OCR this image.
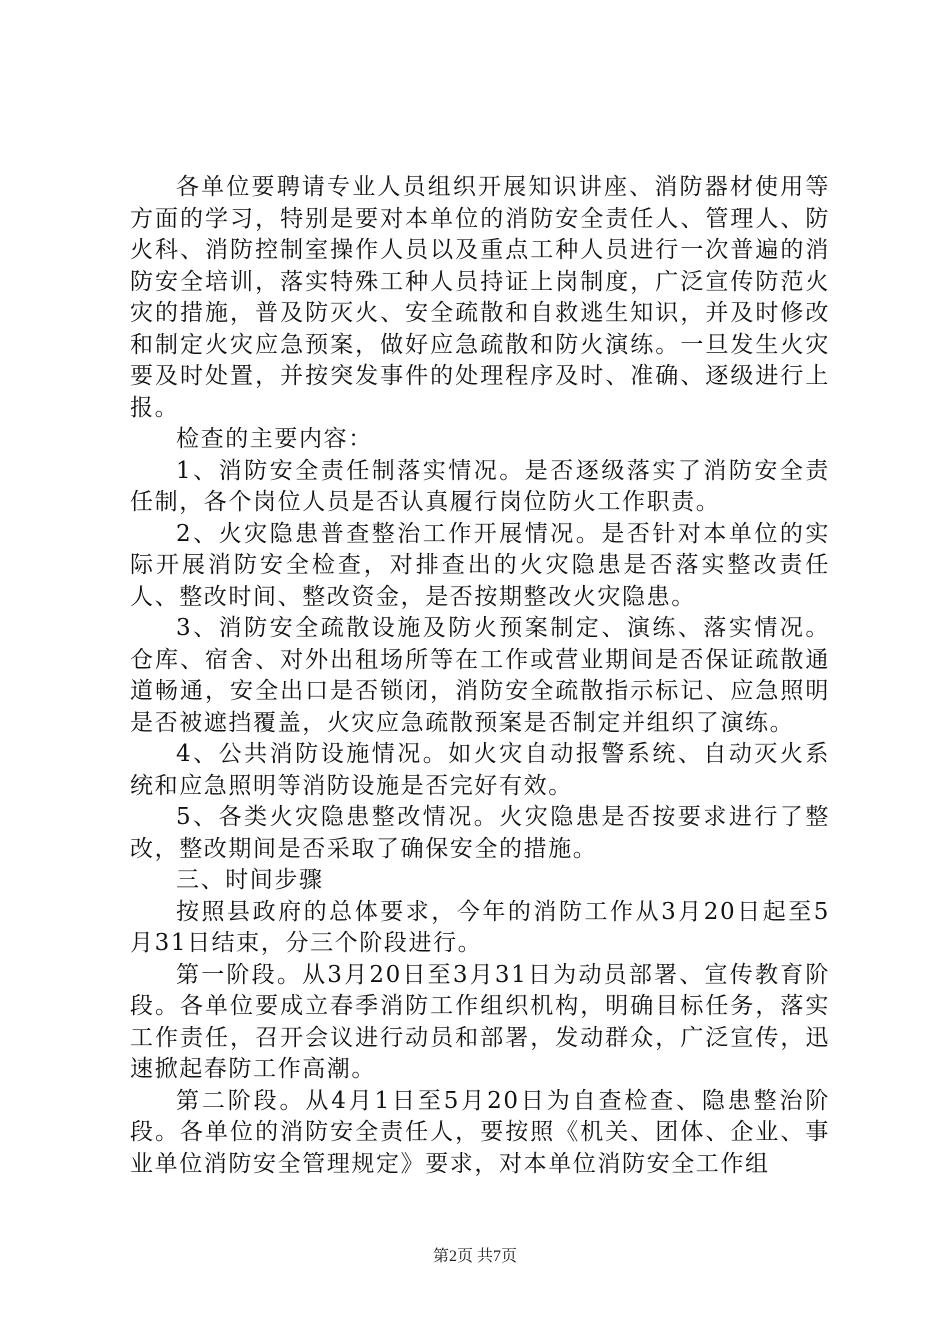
各单位要聘请专业人员组织开展知识讲座、消防器材使用等方面的学习，特别是要对本单位的消防安全责任人、管理人、防火科、消防控制室操作人员以及重点工种人员进行一次普遍的消防安全培训，落实特殊工种人员持证上岗制度，广泛宣传防范火灾的措施，普及防灭火、安全疏散和自救逃生知识，并及时修改和制定火灾应急预案，做好应急疏散和防火演练。一旦发生火灾要及时处置，并按突发事件的处理程序及时、准确、逐级进行上报。

检查的主要内容：

1、消防安全责任制落实情况。是否逐级落实了消防安全责任制，各个岗位人员是否认真履行岗位防火工作职责。

2、火灾隐患普查整治工作开展情况。是否针对本单位的实际开展消防安全检查，对排查出的火灾隐患是否落实整改责任人、整改时间、整改资金，是否按期整改火灾隐患。

3、消防安全疏散设施及防火预案制定、演练、落实情况。仓库、宿舍、对外出租场所等在工作或营业期间是否保证疏散通道畅通，安全出口是否锁闭，消防安全疏散指示标记、应急照明是否被遮挡覆盖，火灾应急疏散预案是否制定并组织了演练。

4、公共消防设施情况。如火灾自动报警系统、自动灭火系统和应急照明等消防设施是否完好有效。

5、各类火灾隐患整改情况。火灾隐患是否按要求进行了整改，整改期间是否采取了确保安全的措施。

三、时间步骤

按照县政府的总体要求，今年的消防工作从3月20日起至5月31日结束，分三个阶段进行。

第一阶段。从3月20日至3月31日为动员部署、宣传教育阶段。各单位要成立春季消防工作组织机构，明确目标任务，落实工作责任，召开会议进行动员和部署，发动群众，广泛宣传，迅速掀起春防工作高潮。

第二阶段。从4月1日至5月20日为自查检查、隐患整治阶段。各单位的消防安全责任人，要按照《机关、团体、企业、事业单位消防安全管理规定》要求，对本单位消防安全工作组

第2页 共7页
